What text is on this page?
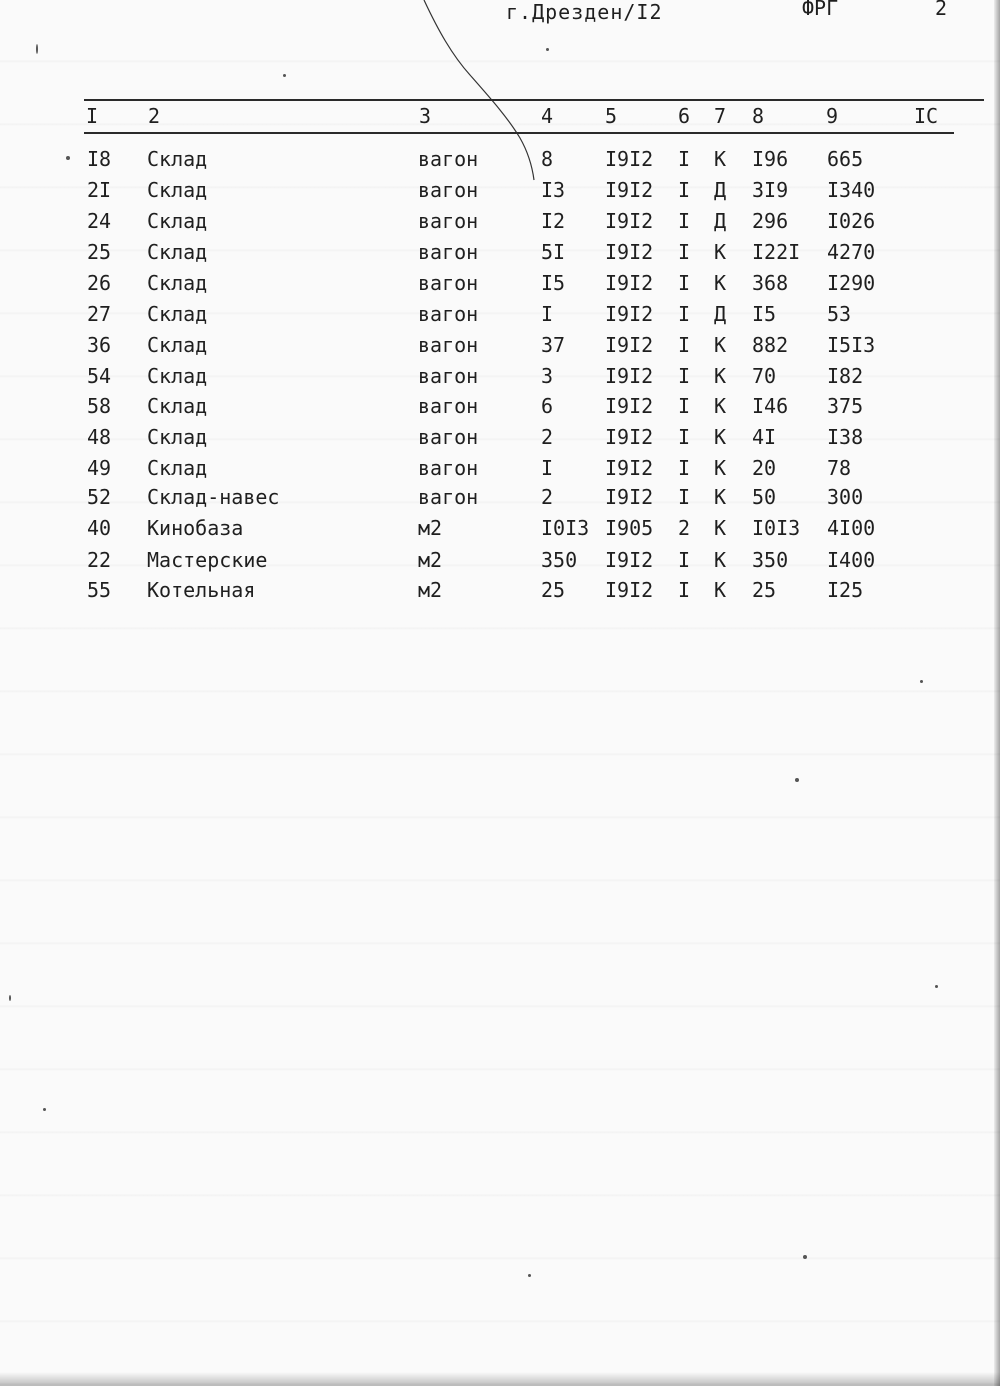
г.Дрезден/I2	ФРГ	2
I 2	3	4	5	6 7 8	9	IC
I8 Склад	вагон	8	I9I2 I К I96 665
2I Склад	вагон	I3 I9I2 I Д 3I9 I340
24 Склад	вагон	I2 I9I2 I Д 296 I026
25 Склад	вагон	5I I9I2 I К I22I 4270
26 Склад	вагон	I5 I9I2 I К 368 I290
27 Склад	вагон	I	I9I2 I Д I5	53
36 Склад	вагон	37 I9I2 I К 882 I5I3
54 Склад	вагон	3	I9I2 I К 70	I82
58 Склад	вагон	6	I9I2 I К I46 375
48 Склад	вагон	2	I9I2 I К 4I	I38
49 Склад	вагон	I	I9I2 I К 20	78
52 Склад-навес	вагон	2	I9I2 I К 50	300
40 Кинобаза	м2	I0I3 I905 2 К I0I3 4I00
22 Мастерские	м2	350 I9I2 I К 350 I400
55 Котельная	м2	25 I9I2 I К 25	I25
